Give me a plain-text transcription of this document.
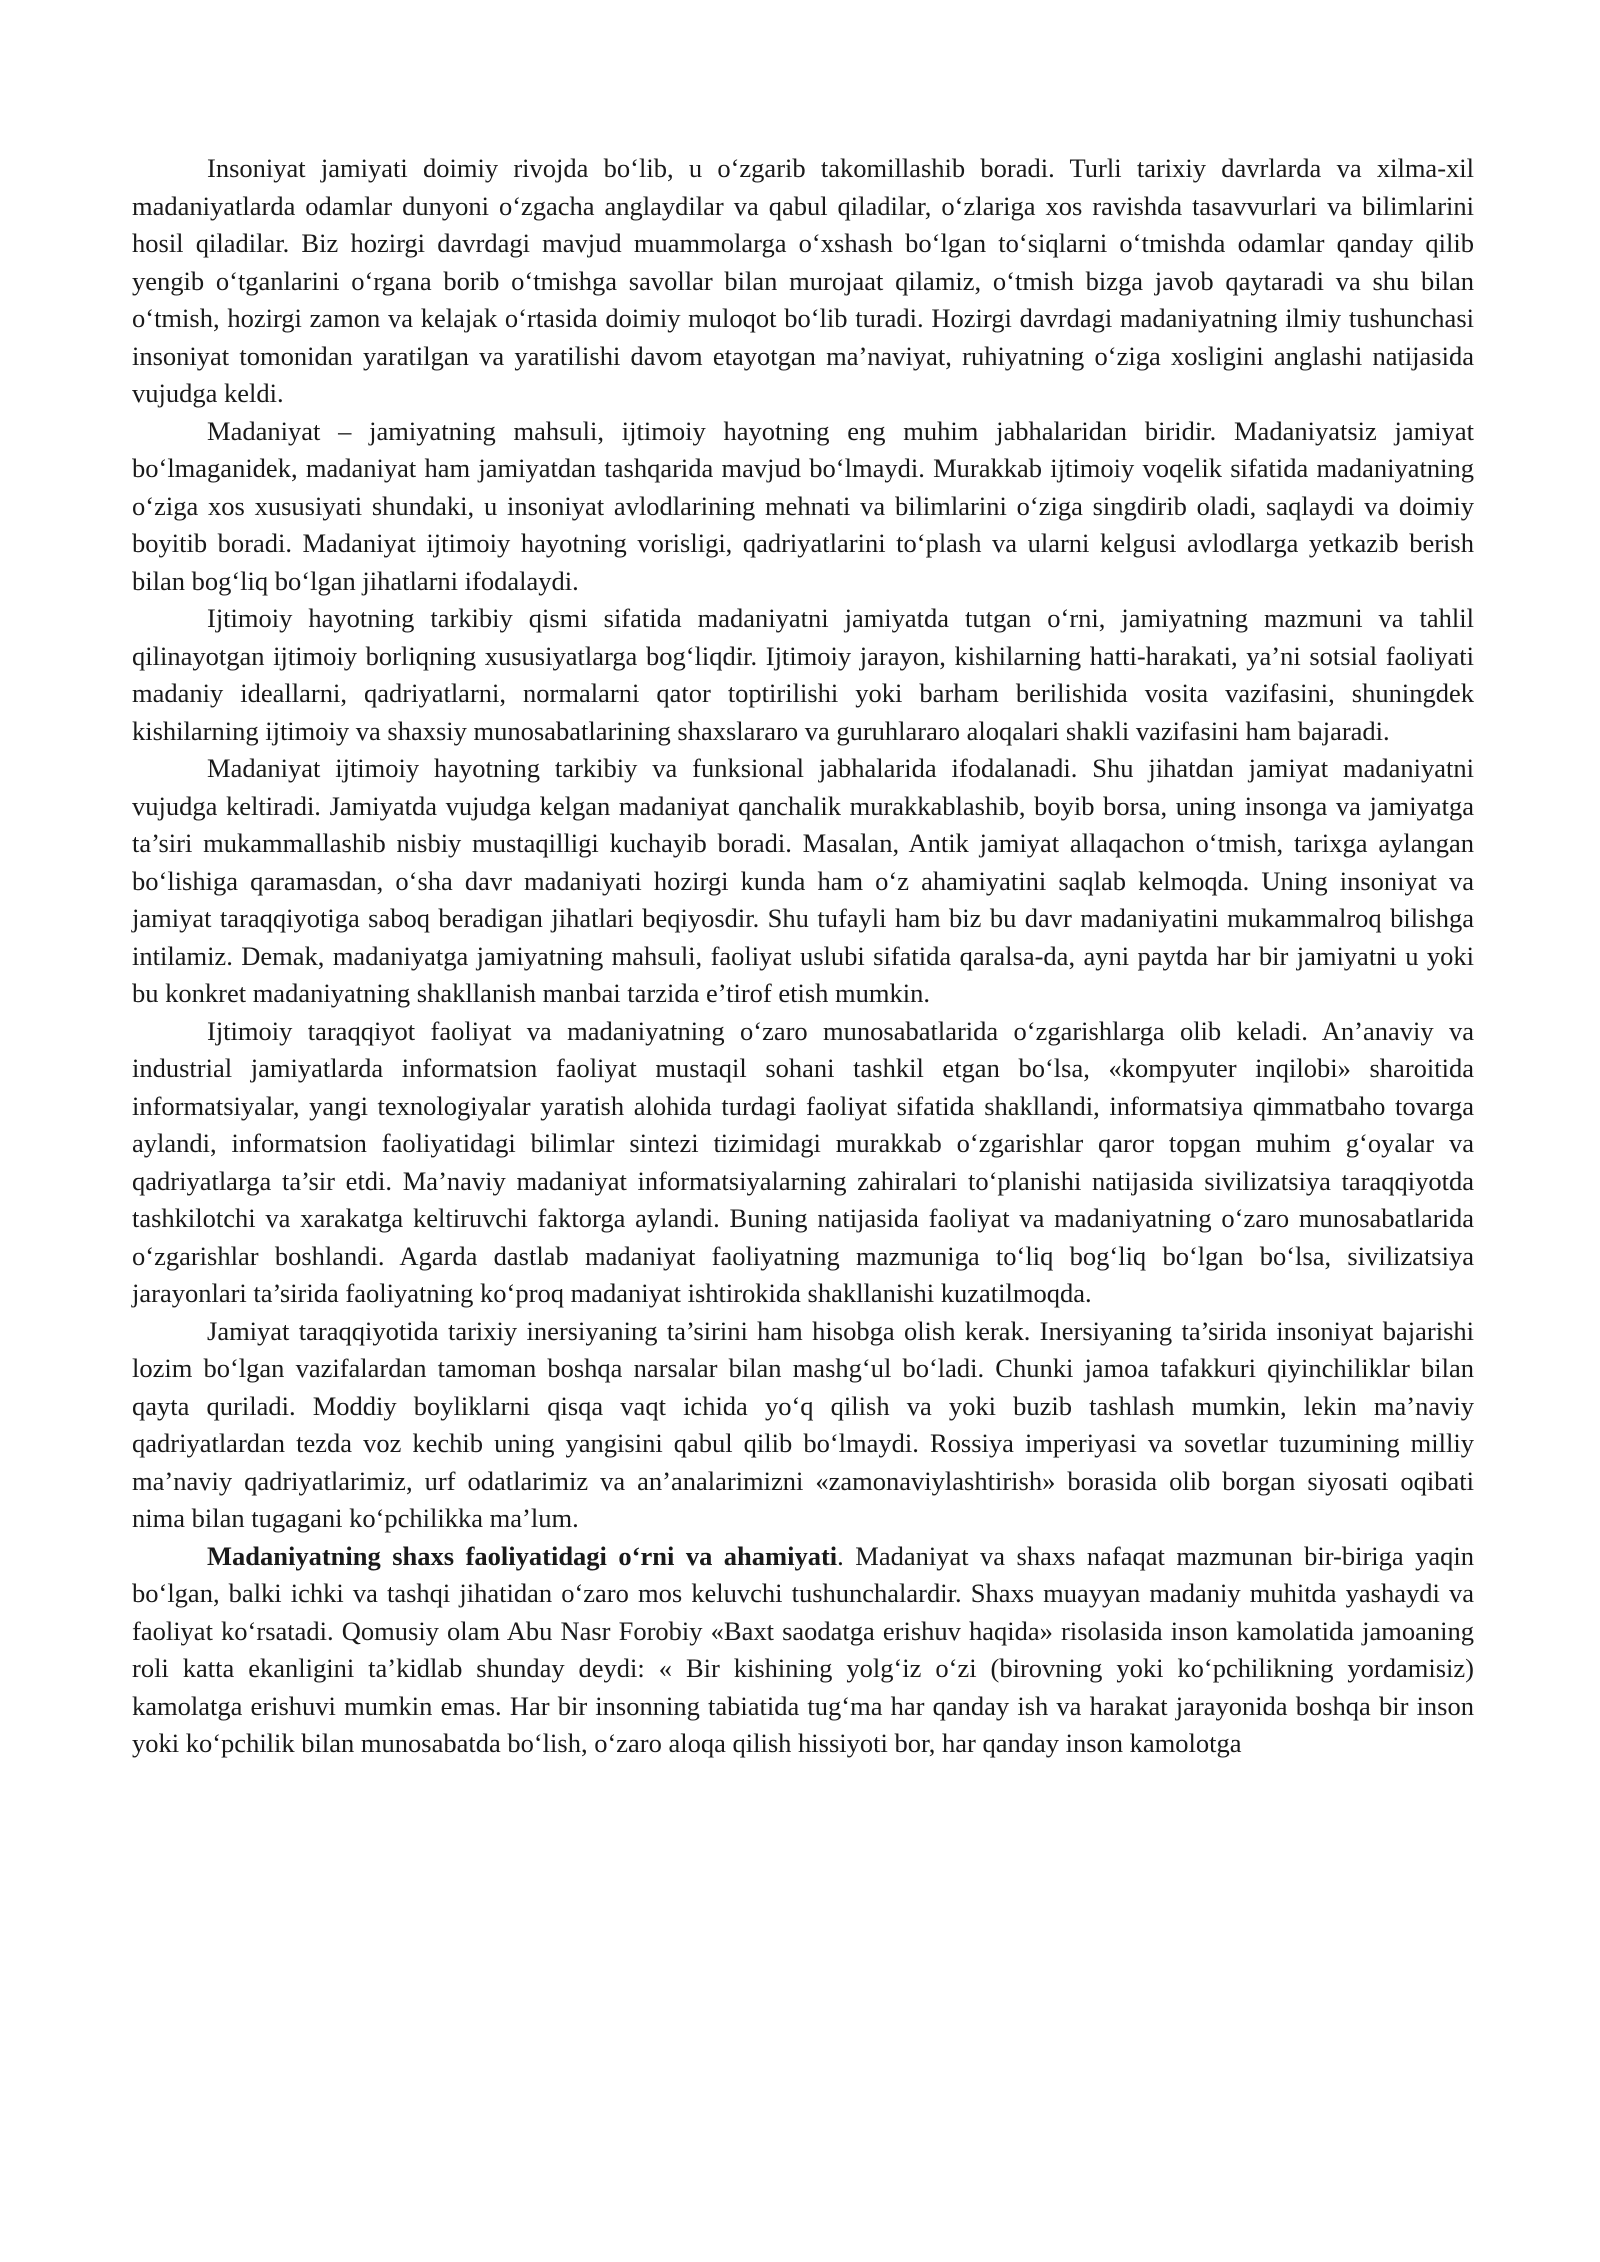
Insoniyat jamiyati doimiy rivojda bo‘lib, u o‘zgarib takomillashib boradi. Turli tarixiy davrlarda va xilma-xil madaniyatlarda odamlar dunyoni o‘zgacha anglaydilar va qabul qiladilar, o‘zlariga xos ravishda tasavvurlari va bilimlarini hosil qiladilar. Biz hozirgi davrdagi mavjud muammolarga o‘xshash bo‘lgan to‘siqlarni o‘tmishda odamlar qanday qilib yengib o‘tganlarini o‘rgana borib o‘tmishga savollar bilan murojaat qilamiz, o‘tmish bizga javob qaytaradi va shu bilan o‘tmish, hozirgi zamon va kelajak o‘rtasida doimiy muloqot bo‘lib turadi. Hozirgi davrdagi madaniyatning ilmiy tushunchasi insoniyat tomonidan yaratilgan va yaratilishi davom etayotgan ma’naviyat, ruhiyatning o‘ziga xosligini anglashi natijasida vujudga keldi.

Madaniyat – jamiyatning mahsuli, ijtimoiy hayotning eng muhim jabhalaridan biridir. Madaniyatsiz jamiyat bo‘lmaganidek, madaniyat ham jamiyatdan tashqarida mavjud bo‘lmaydi. Murakkab ijtimoiy voqelik sifatida madaniyatning o‘ziga xos xususiyati shundaki, u insoniyat avlodlarining mehnati va bilimlarini o‘ziga singdirib oladi, saqlaydi va doimiy boyitib boradi. Madaniyat ijtimoiy hayotning vorisligi, qadriyatlarini to‘plash va ularni kelgusi avlodlarga yetkazib berish bilan bog‘liq bo‘lgan jihatlarni ifodalaydi.

Ijtimoiy hayotning tarkibiy qismi sifatida madaniyatni jamiyatda tutgan o‘rni, jamiyatning mazmuni va tahlil qilinayotgan ijtimoiy borliqning xususiyatlarga bog‘liqdir. Ijtimoiy jarayon, kishilarning hatti-harakati, ya’ni sotsial faoliyati madaniy ideallarni, qadriyatlarni, normalarni qator toptirilishi yoki barham berilishida vosita vazifasini, shuningdek kishilarning ijtimoiy va shaxsiy munosabatlarining shaxslararo va guruhlararo aloqalari shakli vazifasini ham bajaradi.

Madaniyat ijtimoiy hayotning tarkibiy va funksional jabhalarida ifodalanadi. Shu jihatdan jamiyat madaniyatni vujudga keltiradi. Jamiyatda vujudga kelgan madaniyat qanchalik murakkablashib, boyib borsa, uning insonga va jamiyatga ta’siri mukammallashib nisbiy mustaqilligi kuchayib boradi. Masalan, Antik jamiyat allaqachon o‘tmish, tarixga aylangan bo‘lishiga qaramasdan, o‘sha davr madaniyati hozirgi kunda ham o‘z ahamiyatini saqlab kelmoqda. Uning insoniyat va jamiyat taraqqiyotiga saboq beradigan jihatlari beqiyosdir. Shu tufayli ham biz bu davr madaniyatini mukammalroq bilishga intilamiz. Demak, madaniyatga jamiyatning mahsuli, faoliyat uslubi sifatida qaralsa-da, ayni paytda har bir jamiyatni u yoki bu konkret madaniyatning shakllanish manbai tarzida e’tirof etish mumkin.

Ijtimoiy taraqqiyot faoliyat va madaniyatning o‘zaro munosabatlarida o‘zgarishlarga olib keladi. An’anaviy va industrial jamiyatlarda informatsion faoliyat mustaqil sohani tashkil etgan bo‘lsa, «kompyuter inqilobi» sharoitida informatsiyalar, yangi texnologiyalar yaratish alohida turdagi faoliyat sifatida shakllandi, informatsiya qimmatbaho tovarga aylandi, informatsion faoliyatidagi bilimlar sintezi tizimidagi murakkab o‘zgarishlar qaror topgan muhim g‘oyalar va qadriyatlarga ta’sir etdi. Ma’naviy madaniyat informatsiyalarning zahiralari to‘planishi natijasida sivilizatsiya taraqqiyotda tashkilotchi va xarakatga keltiruvchi faktorga aylandi. Buning natijasida faoliyat va madaniyatning o‘zaro munosabatlarida o‘zgarishlar boshlandi. Agarda dastlab madaniyat faoliyatning mazmuniga to‘liq bog‘liq bo‘lgan bo‘lsa, sivilizatsiya jarayonlari ta’sirida faoliyatning ko‘proq madaniyat ishtirokida shakllanishi kuzatilmoqda.

Jamiyat taraqqiyotida tarixiy inersiyaning ta’sirini ham hisobga olish kerak. Inersiyaning ta’sirida insoniyat bajarishi lozim bo‘lgan vazifalardan tamoman boshqa narsalar bilan mashg‘ul bo‘ladi. Chunki jamoa tafakkuri qiyinchiliklar bilan qayta quriladi. Moddiy boyliklarni qisqa vaqt ichida yo‘q qilish va yoki buzib tashlash mumkin, lekin ma’naviy qadriyatlardan tezda voz kechib uning yangisini qabul qilib bo‘lmaydi. Rossiya imperiyasi va sovetlar tuzumining milliy ma’naviy qadriyatlarimiz, urf odatlarimiz va an’analarimizni «zamonaviylashtirish» borasida olib borgan siyosati oqibati nima bilan tugagani ko‘pchilikka ma’lum.

Madaniyatning shaxs faoliyatidagi o‘rni va ahamiyati. Madaniyat va shaxs nafaqat mazmunan bir-biriga yaqin bo‘lgan, balki ichki va tashqi jihatidan o‘zaro mos keluvchi tushunchalardir. Shaxs muayyan madaniy muhitda yashaydi va faoliyat ko‘rsatadi. Qomusiy olam Abu Nasr Forobiy «Baxt saodatga erishuv haqida» risolasida inson kamolatida jamoaning roli katta ekanligini ta’kidlab shunday deydi: « Bir kishining yolg‘iz o‘zi (birovning yoki ko‘pchilikning yordamisiz) kamolatga erishuvi mumkin emas. Har bir insonning tabiatida tug‘ma har qanday ish va harakat jarayonida boshqa bir inson yoki ko‘pchilik bilan munosabatda bo‘lish, o‘zaro aloqa qilish hissiyoti bor, har qanday inson kamolotga
